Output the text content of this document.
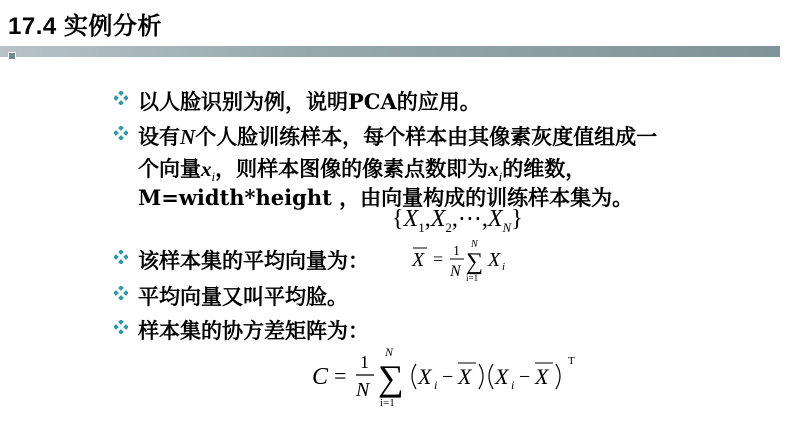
17.4 实例分析
以人脸识别为例，说明PCA的应用。
设有N个人脸训练样本，每个样本由其像素灰度值组成一
个向量$x_i$，则样本图像的像素点数即为$x_i$的维数，
M=width*height ，由向量构成的训练样本集为。
$\{X_1,X_2,\cdots,X_N\}$
该样本集的平均向量为： X = 1
N
N
∑
i=1
X i
平均向量又叫平均脸。
样本集的协方差矩阵为：
C =
1
N
N
∑
i=1
X i − X X i − X
T
